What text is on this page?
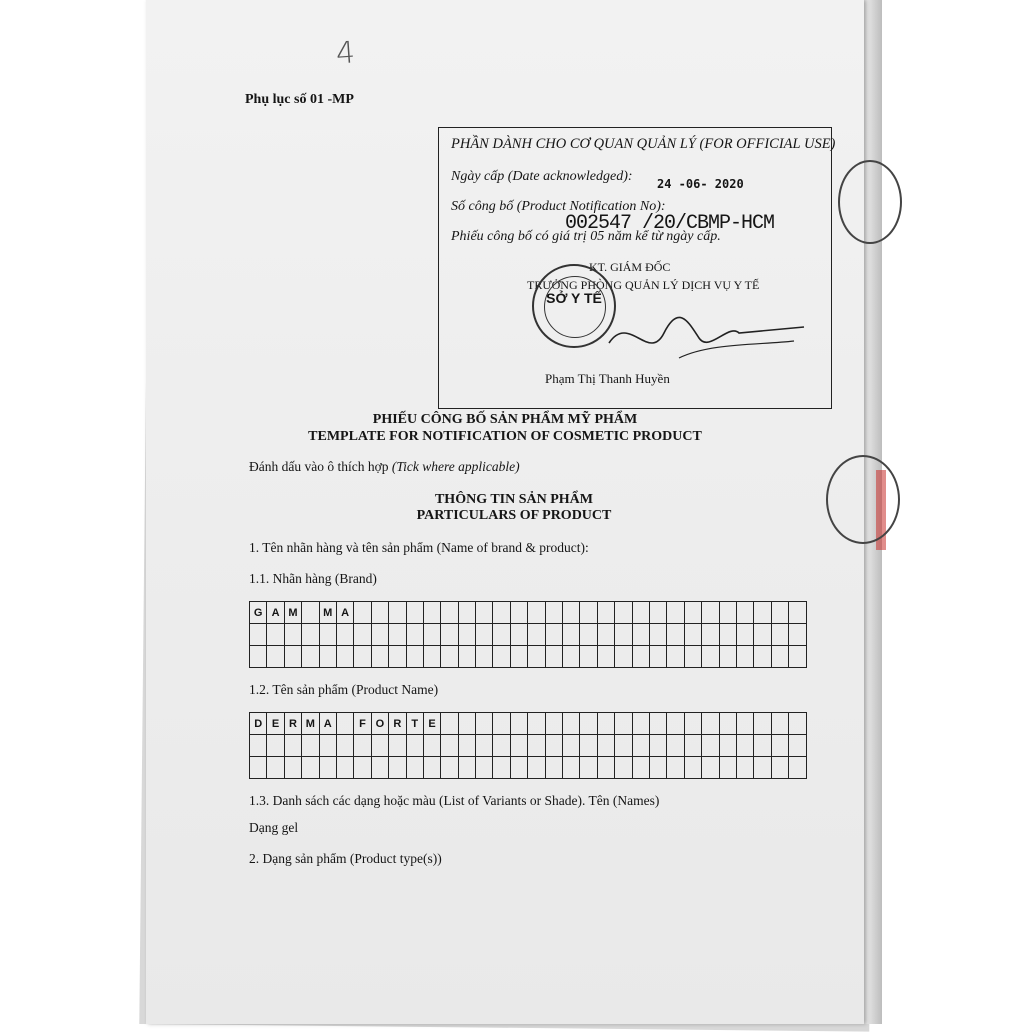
4
Phụ lục số 01 -MP
PHẦN DÀNH CHO CƠ QUAN QUẢN LÝ (FOR OFFICIAL USE)
Ngày cấp (Date acknowledged): 24 -06- 2020
Số công bố (Product Notification No):
002547 /20/CBMP-HCM
Phiếu công bố có giá trị 05 năm kể từ ngày cấp.
KT. GIÁM ĐỐC
TRƯỞNG PHÒNG QUẢN LÝ DỊCH VỤ Y TẾ
Phạm Thị Thanh Huyền
SỞ Y TẾ
PHIẾU CÔNG BỐ SẢN PHẨM MỸ PHẨM
TEMPLATE FOR NOTIFICATION OF COSMETIC PRODUCT
Đánh dấu vào ô thích hợp (Tick where applicable)
THÔNG TIN SẢN PHẨM
PARTICULARS OF PRODUCT
1. Tên nhãn hàng và tên sản phẩm (Name of brand & product):
1.1. Nhãn hàng (Brand)
G	A	M		M	A																										

1.2. Tên sản phẩm (Product Name)
D	E	R	M	A		F	O	R	T	E																					

1.3. Danh sách các dạng hoặc màu (List of Variants or Shade). Tên (Names)
Dạng gel
2. Dạng sản phẩm (Product type(s))
